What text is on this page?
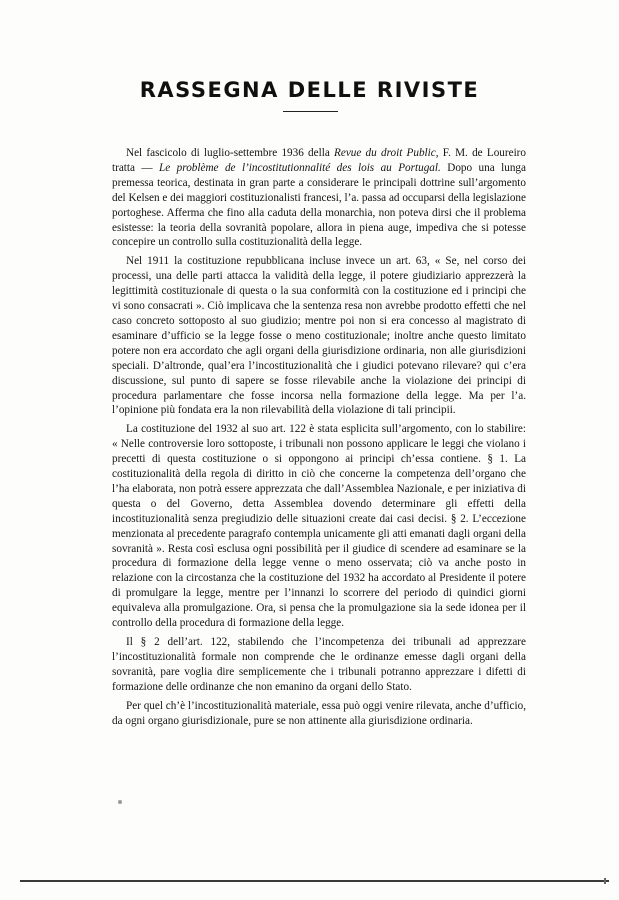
RASSEGNA DELLE RIVISTE

Nel fascicolo di luglio-settembre 1936 della Revue du droit Public, F. M. de Loureiro tratta — Le problème de l’incostitutionnalité des lois au Portugal. Dopo una lunga premessa teorica, destinata in gran parte a considerare le principali dottrine sull’argomento del Kelsen e dei maggiori costituzionalisti francesi, l’a. passa ad occuparsi della legislazione portoghese. Afferma che fino alla caduta della monarchia, non poteva dirsi che il problema esistesse: la teoria della sovranità popolare, allora in piena auge, impediva che si potesse concepire un controllo sulla costituzionalità della legge.

Nel 1911 la costituzione repubblicana incluse invece un art. 63, « Se, nel corso dei processi, una delle parti attacca la validità della legge, il potere giudiziario apprezzerà la legittimità costituzionale di questa o la sua conformità con la costituzione ed i principi che vi sono consacrati ». Ciò implicava che la sentenza resa non avrebbe prodotto effetti che nel caso concreto sottoposto al suo giudizio; mentre poi non si era concesso al magistrato di esaminare d’ufficio se la legge fosse o meno costituzionale; inoltre anche questo limitato potere non era accordato che agli organi della giurisdizione ordinaria, non alle giurisdizioni speciali. D’altronde, qual’era l’incostituzionalità che i giudici potevano rilevare? qui c’era discussione, sul punto di sapere se fosse rilevabile anche la violazione dei principi di procedura parlamentare che fosse incorsa nella formazione della legge. Ma per l’a. l’opinione più fondata era la non rilevabilità della violazione di tali principii.

La costituzione del 1932 al suo art. 122 è stata esplicita sull’argomento, con lo stabilire: « Nelle controversie loro sottoposte, i tribunali non possono applicare le leggi che violano i precetti di questa costituzione o si oppongono ai principi ch’essa contiene. § 1. La costituzionalità della regola di diritto in ciò che concerne la competenza dell’organo che l’ha elaborata, non potrà essere apprezzata che dall’Assemblea Nazionale, e per iniziativa di questa o del Governo, detta Assemblea dovendo determinare gli effetti della incostituzionalità senza pregiudizio delle situazioni create dai casi decisi. § 2. L’eccezione menzionata al precedente paragrafo contempla unicamente gli atti emanati dagli organi della sovranità ». Resta così esclusa ogni possibilità per il giudice di scendere ad esaminare se la procedura di formazione della legge venne o meno osservata; ciò va anche posto in relazione con la circostanza che la costituzione del 1932 ha accordato al Presidente il potere di promulgare la legge, mentre per l’innanzi lo scorrere del periodo di quindici giorni equivaleva alla promulgazione. Ora, si pensa che la promulgazione sia la sede idonea per il controllo della procedura di formazione della legge.

Il § 2 dell’art. 122, stabilendo che l’incompetenza dei tribunali ad apprezzare l’incostituzionalità formale non comprende che le ordinanze emesse dagli organi della sovranità, pare voglia dire semplicemente che i tribunali potranno apprezzare i difetti di formazione delle ordinanze che non emanino da organi dello Stato.

Per quel ch’è l’incostituzionalità materiale, essa può oggi venire rilevata, anche d’ufficio, da ogni organo giurisdizionale, pure se non attinente alla giurisdizione ordinaria.
